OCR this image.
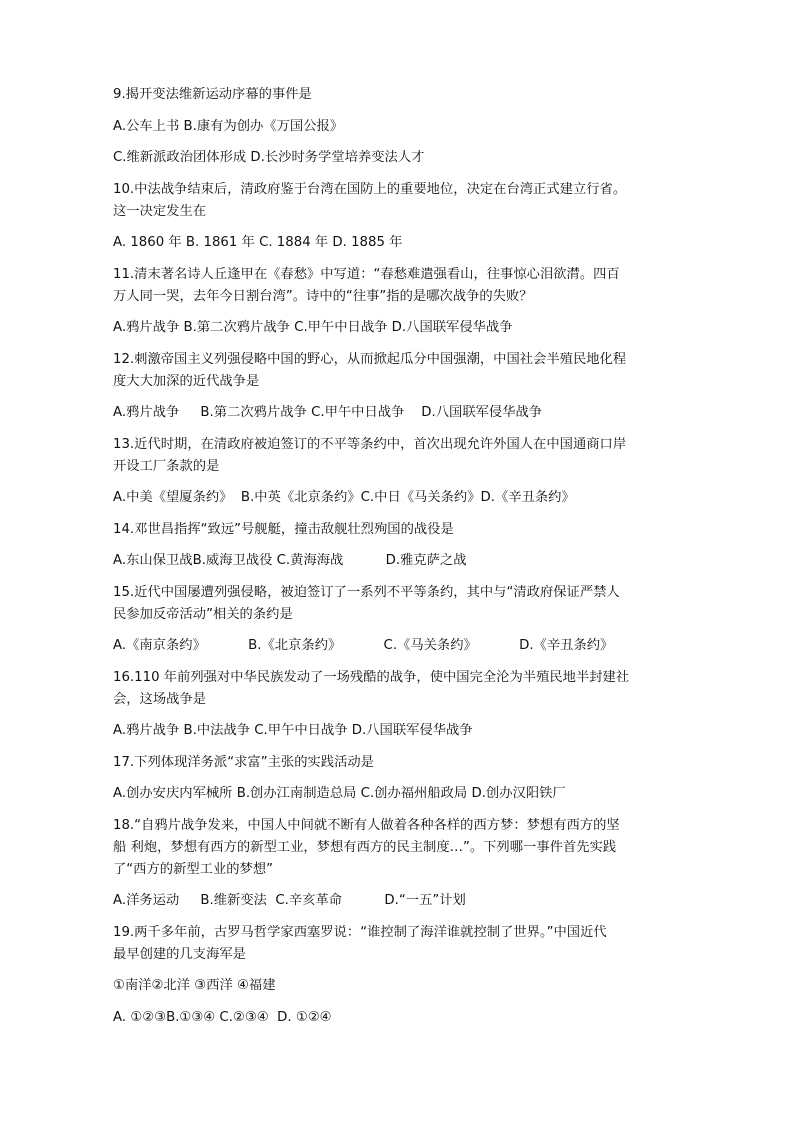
9.揭开变法维新运动序幕的事件是

A.公车上书 B.康有为创办《万国公报》

C.维新派政治团体形成 D.长沙时务学堂培养变法人才

10.中法战争结束后，清政府鉴于台湾在国防上的重要地位，决定在台湾正式建立行省。

这一决定发生在

A. 1860 年 B. 1861 年 C. 1884 年 D. 1885 年

11.清末著名诗人丘逢甲在《春愁》中写道：“春愁难遣强看山，往事惊心泪欲潸。四百

万人同一哭，去年今日割台湾”。诗中的“往事”指的是哪次战争的失败？

A.鸦片战争 B.第二次鸦片战争 C.甲午中日战争 D.八国联军侵华战争

12.刺激帝国主义列强侵略中国的野心，从而掀起瓜分中国强潮，中国社会半殖民地化程

度大大加深的近代战争是

A.鸦片战争     B.第二次鸦片战争 C.甲午中日战争    D.八国联军侵华战争

13.近代时期，在清政府被迫签订的不平等条约中，首次出现允许外国人在中国通商口岸

开设工厂条款的是

A.中美《望厦条约》  B.中英《北京条约》C.中日《马关条约》D.《辛丑条约》

14.邓世昌指挥“致远”号舰艇，撞击敌舰壮烈殉国的战役是

A.东山保卫战B.威海卫战役 C.黄海海战          D.雅克萨之战

15.近代中国屡遭列强侵略，被迫签订了一系列不平等条约，其中与“清政府保证严禁人

民参加反帝活动”相关的条约是

A.《南京条约》          B.《北京条约》          C.《马关条约》          D.《辛丑条约》

16.110 年前列强对中华民族发动了一场残酷的战争，使中国完全沦为半殖民地半封建社

会，这场战争是

A.鸦片战争 B.中法战争 C.甲午中日战争 D.八国联军侵华战争

17.下列体现洋务派“求富”主张的实践活动是

A.创办安庆内军械所 B.创办江南制造总局 C.创办福州船政局 D.创办汉阳铁厂

18.“自鸦片战争发来，中国人中间就不断有人做着各种各样的西方梦：梦想有西方的坚

船 利炮，梦想有西方的新型工业，梦想有西方的民主制度…”。下列哪一事件首先实践

了“西方的新型工业的梦想”

A.洋务运动     B.维新变法  C.辛亥革命          D.“一五”计划

19.两千多年前，古罗马哲学家西塞罗说：“谁控制了海洋谁就控制了世界。”中国近代

最早创建的几支海军是

①南洋②北洋 ③西洋 ④福建

A. ①②③B.①③④ C.②③④  D. ①②④
